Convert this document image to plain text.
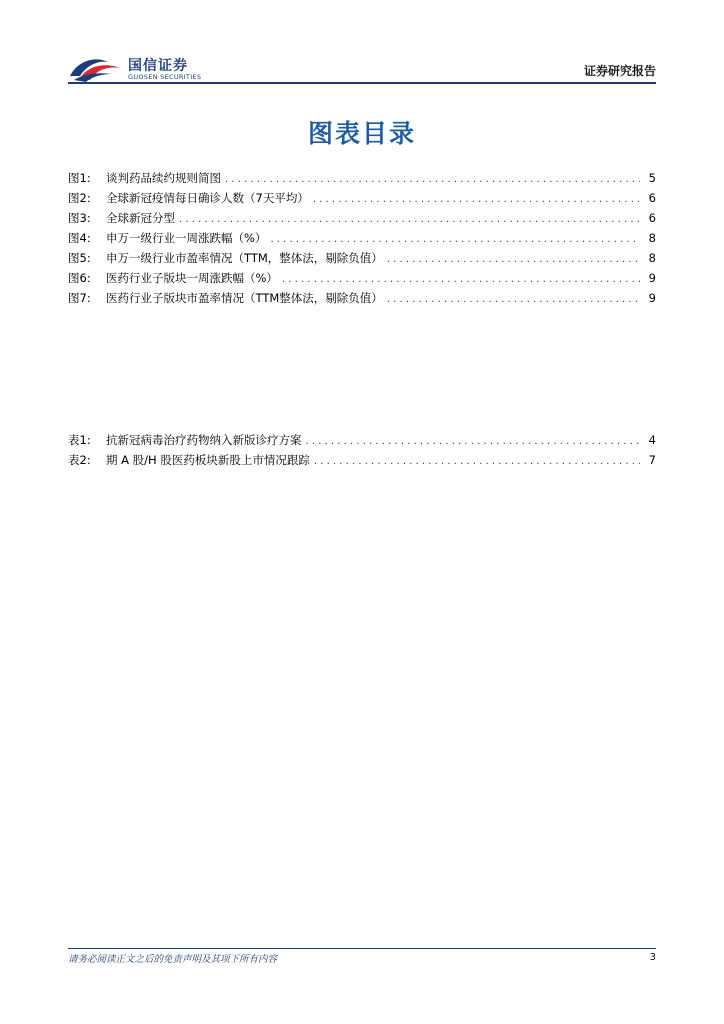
国信证券
GUOSEN SECURITIES	证券研究报告
图表目录
图1:	谈判药品续约规则简图 . . .	5
图2:	全球新冠疫情每日确诊人数（7天平均） . . .	6
图3:	全球新冠分型 . . .	6
图4:	申万一级行业一周涨跌幅（%） . . .	8
图5:	申万一级行业市盈率情况（TTM，整体法，剔除负值） . . .	8
图6:	医药行业子版块一周涨跌幅（%） . . .	9
图7:	医药行业子版块市盈率情况（TTM整体法，剔除负值） . . .	9
表1:	抗新冠病毒治疗药物纳入新版诊疗方案 . . .	4
表2:	期 A 股/H 股医药板块新股上市情况跟踪 . . .	7
请务必阅读正文之后的免责声明及其项下所有内容	3
